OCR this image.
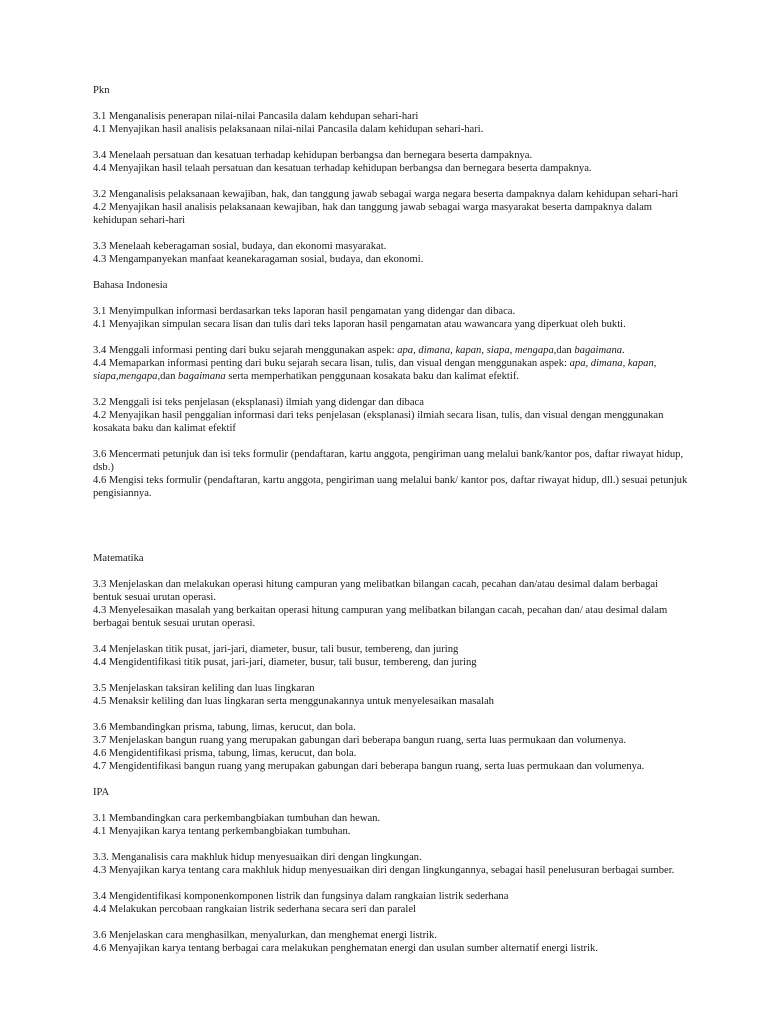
Pkn
3.1 Menganalisis penerapan nilai-nilai Pancasila dalam kehdupan sehari-hari
4.1 Menyajikan hasil analisis pelaksanaan nilai-nilai Pancasila dalam kehidupan sehari-hari.
3.4 Menelaah persatuan dan kesatuan terhadap kehidupan berbangsa dan bernegara beserta dampaknya.
4.4 Menyajikan hasil telaah persatuan dan kesatuan terhadap kehidupan berbangsa dan bernegara beserta dampaknya.
3.2 Menganalisis pelaksanaan kewajiban, hak, dan tanggung jawab sebagai warga negara beserta dampaknya dalam kehidupan sehari-hari
4.2 Menyajikan hasil analisis pelaksanaan kewajiban, hak dan tanggung jawab sebagai warga masyarakat beserta dampaknya dalam kehidupan sehari-hari
3.3 Menelaah keberagaman sosial, budaya, dan ekonomi masyarakat.
4.3 Mengampanyekan manfaat keanekaragaman sosial, budaya, dan ekonomi.
Bahasa Indonesia
3.1 Menyimpulkan informasi berdasarkan teks laporan hasil pengamatan yang didengar dan dibaca.
4.1 Menyajikan simpulan secara lisan dan tulis dari teks laporan hasil pengamatan atau wawancara yang diperkuat oleh bukti.
3.4 Menggali informasi penting dari buku sejarah menggunakan aspek: apa, dimana, kapan, siapa, mengapa,dan bagaimana.
4.4 Memaparkan informasi penting dari buku sejarah secara lisan, tulis, dan visual dengan menggunakan aspek: apa, dimana, kapan, siapa,mengapa,dan bagaimana serta memperhatikan penggunaan kosakata baku dan kalimat efektif.
3.2 Menggali isi teks penjelasan (eksplanasi) ilmiah yang didengar dan dibaca
4.2 Menyajikan hasil penggalian informasi dari teks penjelasan (eksplanasi) ilmiah secara lisan, tulis, dan visual dengan menggunakan kosakata baku dan kalimat efektif
3.6 Mencermati petunjuk dan isi teks formulir (pendaftaran, kartu anggota, pengiriman uang melalui bank/kantor pos, daftar riwayat hidup, dsb.)
4.6 Mengisi teks formulir (pendaftaran, kartu anggota, pengiriman uang melalui bank/ kantor pos, daftar riwayat hidup, dll.) sesuai petunjuk pengisiannya.
Matematika
3.3 Menjelaskan dan melakukan operasi hitung campuran yang melibatkan bilangan cacah, pecahan dan/atau desimal dalam berbagai bentuk sesuai urutan operasi.
4.3 Menyelesaikan masalah yang berkaitan operasi hitung campuran yang melibatkan bilangan cacah, pecahan dan/ atau desimal dalam berbagai bentuk sesuai urutan operasi.
3.4 Menjelaskan titik pusat, jari-jari, diameter, busur, tali busur, tembereng, dan juring
4.4 Mengidentifikasi titik pusat, jari-jari, diameter, busur, tali busur, tembereng, dan juring
3.5 Menjelaskan taksiran keliling dan luas lingkaran
4.5 Menaksir keliling dan luas lingkaran serta menggunakannya untuk menyelesaikan masalah
3.6 Membandingkan prisma, tabung, limas, kerucut, dan bola.
3.7 Menjelaskan bangun ruang yang merupakan gabungan dari beberapa bangun ruang, serta luas permukaan dan volumenya.
4.6 Mengidentifikasi prisma, tabung, limas, kerucut, dan bola.
4.7 Mengidentifikasi bangun ruang yang merupakan gabungan dari beberapa bangun ruang, serta luas permukaan dan volumenya.
IPA
3.1 Membandingkan cara perkembangbiakan tumbuhan dan hewan.
4.1 Menyajikan karya tentang perkembangbiakan tumbuhan.
3.3. Menganalisis cara makhluk hidup menyesuaikan diri dengan lingkungan.
4.3 Menyajikan karya tentang cara makhluk hidup menyesuaikan diri dengan lingkungannya, sebagai hasil penelusuran berbagai sumber.
3.4 Mengidentifikasi komponenkomponen listrik dan fungsinya dalam rangkaian listrik sederhana
4.4 Melakukan percobaan rangkaian listrik sederhana secara seri dan paralel
3.6 Menjelaskan cara menghasilkan, menyalurkan, dan menghemat energi listrik.
4.6 Menyajikan karya tentang berbagai cara melakukan penghematan energi dan usulan sumber alternatif energi listrik.
